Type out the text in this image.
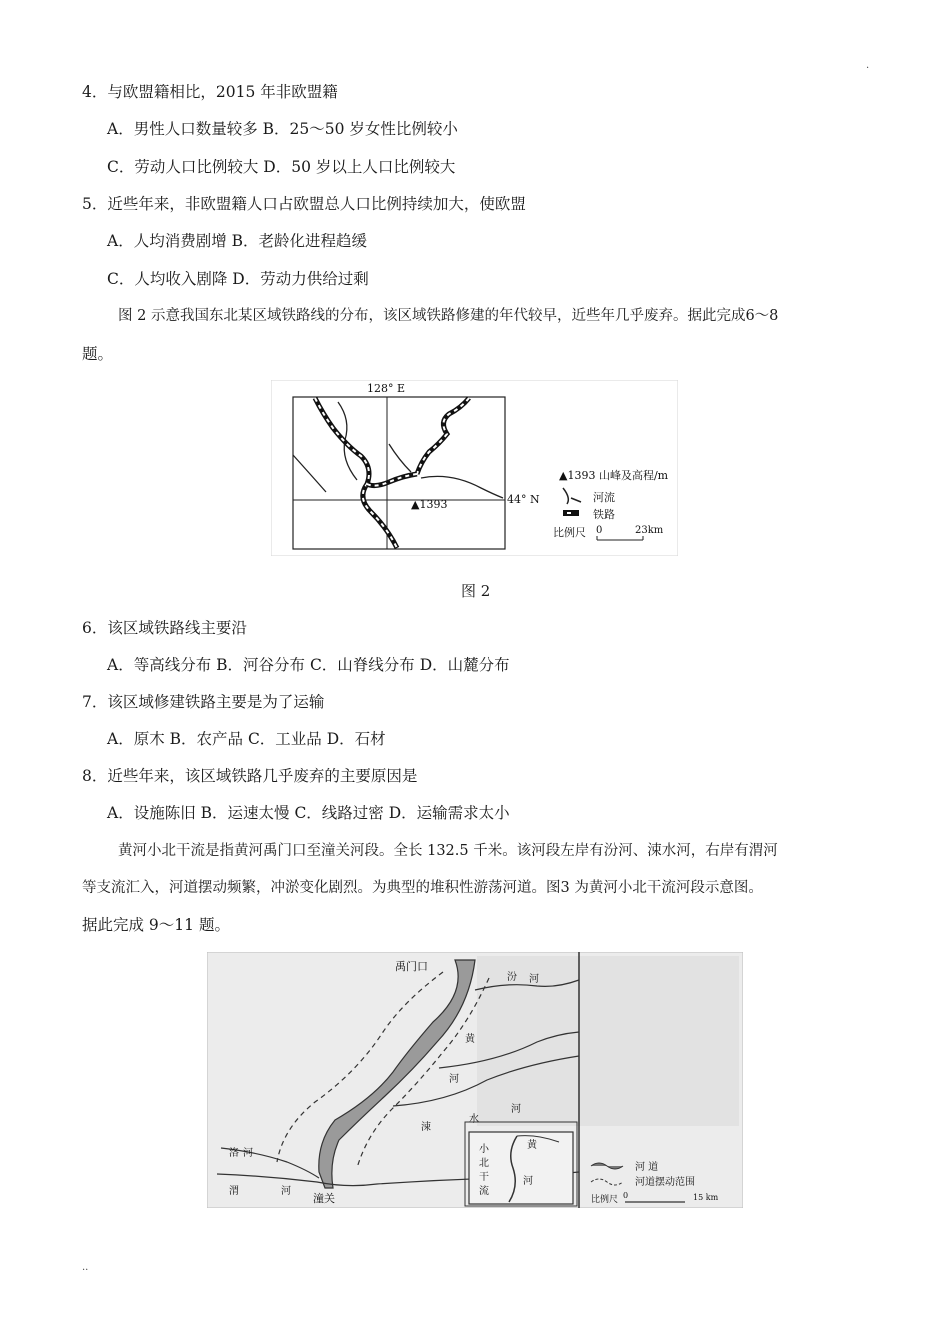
.
4．与欧盟籍相比，2015 年非欧盟籍
A．男性人口数量较多 B．25～50 岁女性比例较小
C．劳动人口比例较大 D．50 岁以上人口比例较大
5．近些年来，非欧盟籍人口占欧盟总人口比例持续加大，使欧盟
A．人均消费剧增 B．老龄化进程趋缓
C．人均收入剧降 D．劳动力供给过剩
图 2 示意我国东北某区域铁路线的分布，该区域铁路修建的年代较早，近些年几乎废弃。据此完成6～8
题。
128° E
44° N
▲1393
▲1393 山峰及高程/m
河流
铁路
比例尺 0	23km
图 2
6．该区域铁路线主要沿
A．等高线分布 B．河谷分布 C．山脊线分布 D．山麓分布
7．该区域修建铁路主要是为了运输
A．原木 B．农产品 C．工业品 D．石材
8．近些年来，该区域铁路几乎废弃的主要原因是
A．设施陈旧 B．运速太慢 C．线路过密 D．运输需求太小
黄河小北干流是指黄河禹门口至潼关河段。全长 132.5 千米。该河段左岸有汾河、涑水河，右岸有渭河
等支流汇入，河道摆动频繁，冲淤变化剧烈。为典型的堆积性游荡河道。图3 为黄河小北干流河段示意图。
据此完成 9～11 题。
禹门口
汾 河
黄
河
涑
水
河
洛 河
渭	河
潼关
黄
小
北
干
流
河
河 道
河道摆动范围
比例尺 0	15 km
..
